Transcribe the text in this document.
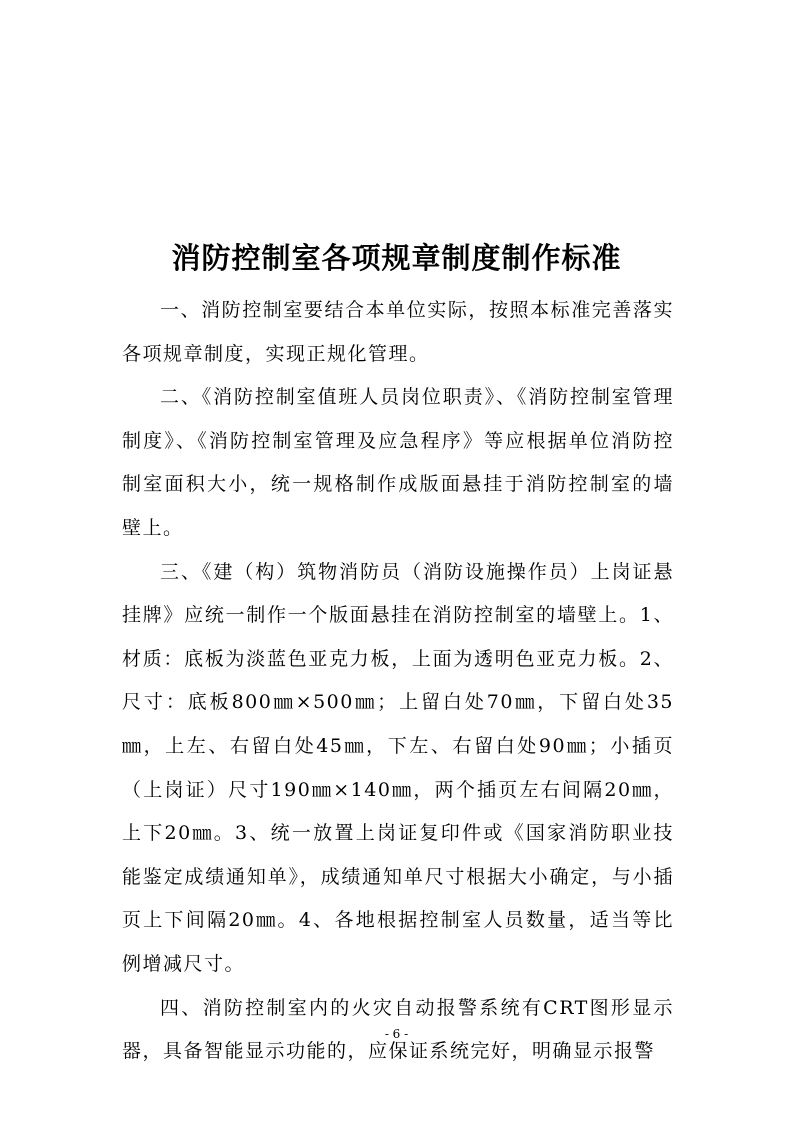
消防控制室各项规章制度制作标准

一、消防控制室要结合本单位实际，按照本标准完善落实各项规章制度，实现正规化管理。

二、《消防控制室值班人员岗位职责》、《消防控制室管理制度》、《消防控制室管理及应急程序》等应根据单位消防控制室面积大小，统一规格制作成版面悬挂于消防控制室的墙壁上。

三、《建（构）筑物消防员（消防设施操作员）上岗证悬挂牌》应统一制作一个版面悬挂在消防控制室的墙壁上。1、材质：底板为淡蓝色亚克力板，上面为透明色亚克力板。2、尺寸：底板800㎜×500㎜；上留白处70㎜，下留白处35㎜，上左、右留白处45㎜，下左、右留白处90㎜；小插页（上岗证）尺寸190㎜×140㎜，两个插页左右间隔20㎜，上下20㎜。3、统一放置上岗证复印件或《国家消防职业技能鉴定成绩通知单》，成绩通知单尺寸根据大小确定，与小插页上下间隔20㎜。4、各地根据控制室人员数量，适当等比例增减尺寸。

四、消防控制室内的火灾自动报警系统有CRT图形显示器，具备智能显示功能的，应保证系统完好，明确显示报警

- 6 -
